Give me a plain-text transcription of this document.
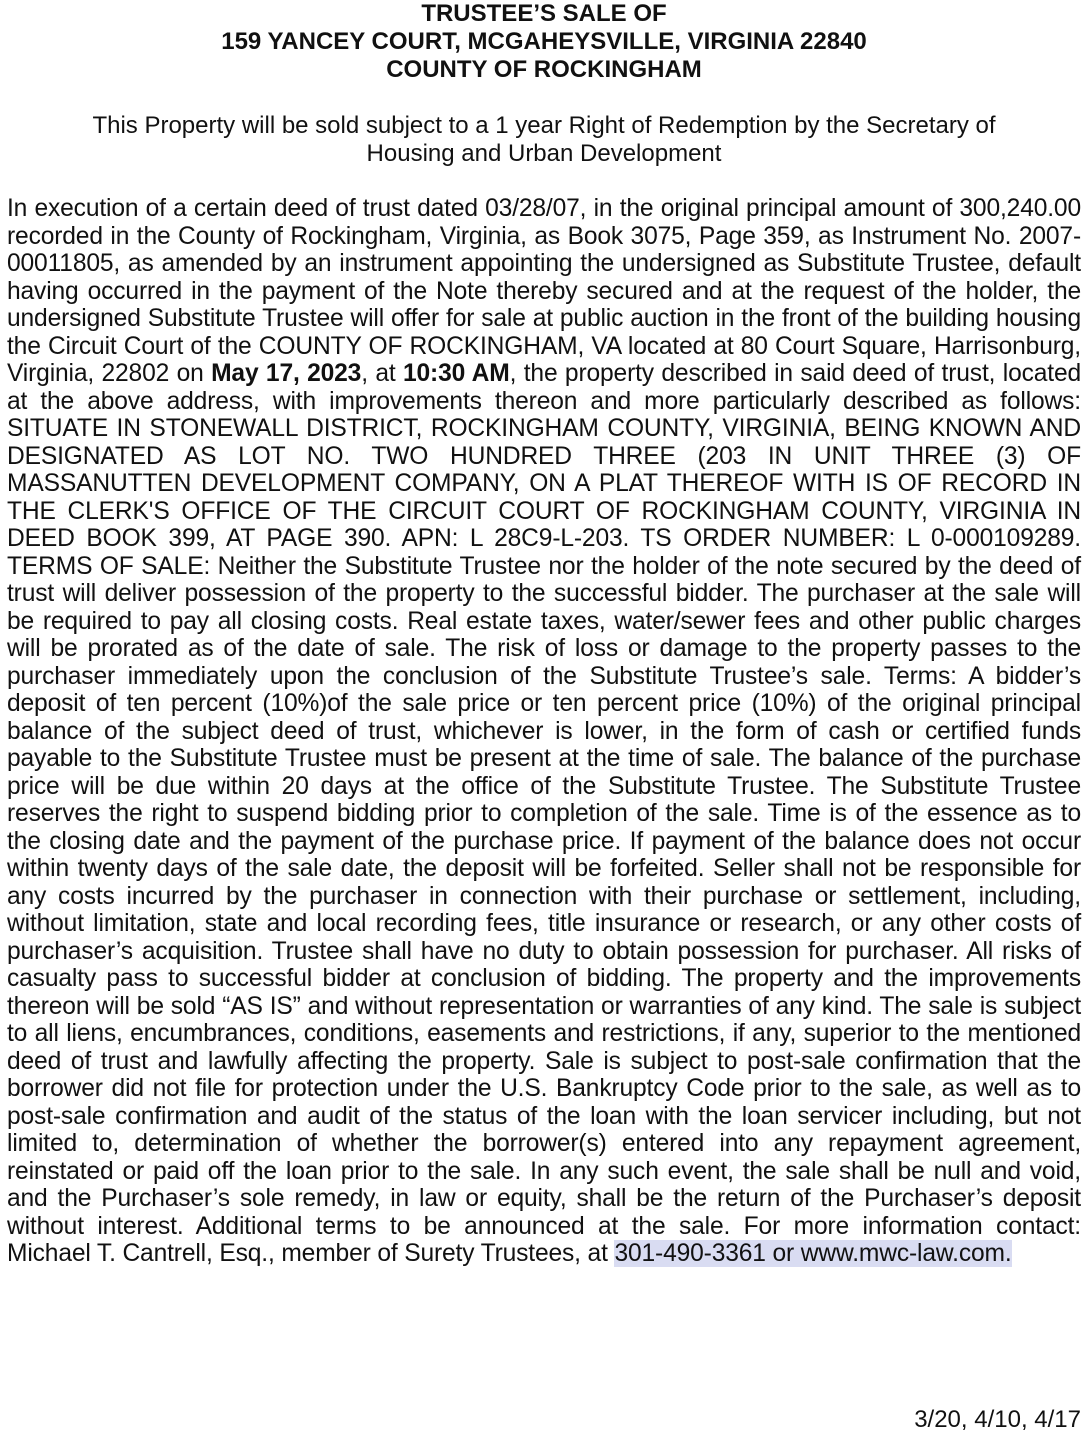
TRUSTEE’S SALE OF
159 YANCEY COURT, MCGAHEYSVILLE, VIRGINIA 22840
COUNTY OF ROCKINGHAM
This Property will be sold subject to a 1 year Right of Redemption by the Secretary of
Housing and Urban Development

In execution of a certain deed of trust dated 03/28/07, in the original principal amount of 300,240.00 recorded in the County of Rockingham, Virginia, as Book 3075, Page 359, as Instrument No. 2007-00011805, as amended by an instrument appointing the undersigned as Substitute Trustee, default having occurred in the payment of the Note thereby secured and at the request of the holder, the undersigned Substitute Trustee will offer for sale at public auction in the front of the building housing the Circuit Court of the COUNTY OF ROCKINGHAM, VA located at 80 Court Square, Harrisonburg, Virginia, 22802 on May 17, 2023, at 10:30 AM, the property described in said deed of trust, located at the above address, with improvements thereon and more particularly described as follows: SITUATE IN STONEWALL DISTRICT, ROCKINGHAM COUNTY, VIRGINIA, BEING KNOWN AND DESIGNATED AS LOT NO. TWO HUNDRED THREE (203 IN UNIT THREE (3) OF MASSANUTTEN DEVELOPMENT COMPANY, ON A PLAT THEREOF WITH IS OF RECORD IN THE CLERK'S OFFICE OF THE CIRCUIT COURT OF ROCKINGHAM COUNTY, VIRGINIA IN DEED BOOK 399, AT PAGE 390. APN: L 28C9-L-203. TS ORDER NUMBER: L 0-000109289. TERMS OF SALE: Neither the Substitute Trustee nor the holder of the note secured by the deed of trust will deliver possession of the property to the successful bidder. The purchaser at the sale will be required to pay all closing costs. Real estate taxes, water/sewer fees and other public charges will be prorated as of the date of sale. The risk of loss or damage to the property passes to the purchaser immediately upon the conclusion of the Substitute Trustee’s sale. Terms: A bidder’s deposit of ten percent (10%)of the sale price or ten percent price (10%) of the original principal balance of the subject deed of trust, whichever is lower, in the form of cash or certified funds payable to the Substitute Trustee must be present at the time of sale. The balance of the purchase price will be due within 20 days at the office of the Substitute Trustee. The Substitute Trustee reserves the right to suspend bidding prior to completion of the sale. Time is of the essence as to the closing date and the payment of the purchase price. If payment of the balance does not occur within twenty days of the sale date, the deposit will be forfeited. Seller shall not be responsible for any costs incurred by the purchaser in connection with their purchase or settlement, including, without limitation, state and local recording fees, title insurance or research, or any other costs of purchaser’s acquisition. Trustee shall have no duty to obtain possession for purchaser. All risks of casualty pass to successful bidder at conclusion of bidding. The property and the improvements thereon will be sold “AS IS” and without representation or warranties of any kind. The sale is subject to all liens, encumbrances, conditions, easements and restrictions, if any, superior to the mentioned deed of trust and lawfully affecting the property. Sale is subject to post-sale confirmation that the borrower did not file for protection under the U.S. Bankruptcy Code prior to the sale, as well as to post-sale confirmation and audit of the status of the loan with the loan servicer including, but not limited to, determination of whether the borrower(s) entered into any repayment agreement, reinstated or paid off the loan prior to the sale. In any such event, the sale shall be null and void, and the Purchaser’s sole remedy, in law or equity, shall be the return of the Purchaser’s deposit without interest. Additional terms to be announced at the sale. For more information contact: Michael T. Cantrell, Esq., member of Surety Trustees, at 301-490-3361 or www.mwc-law.com.

3/20, 4/10, 4/17
